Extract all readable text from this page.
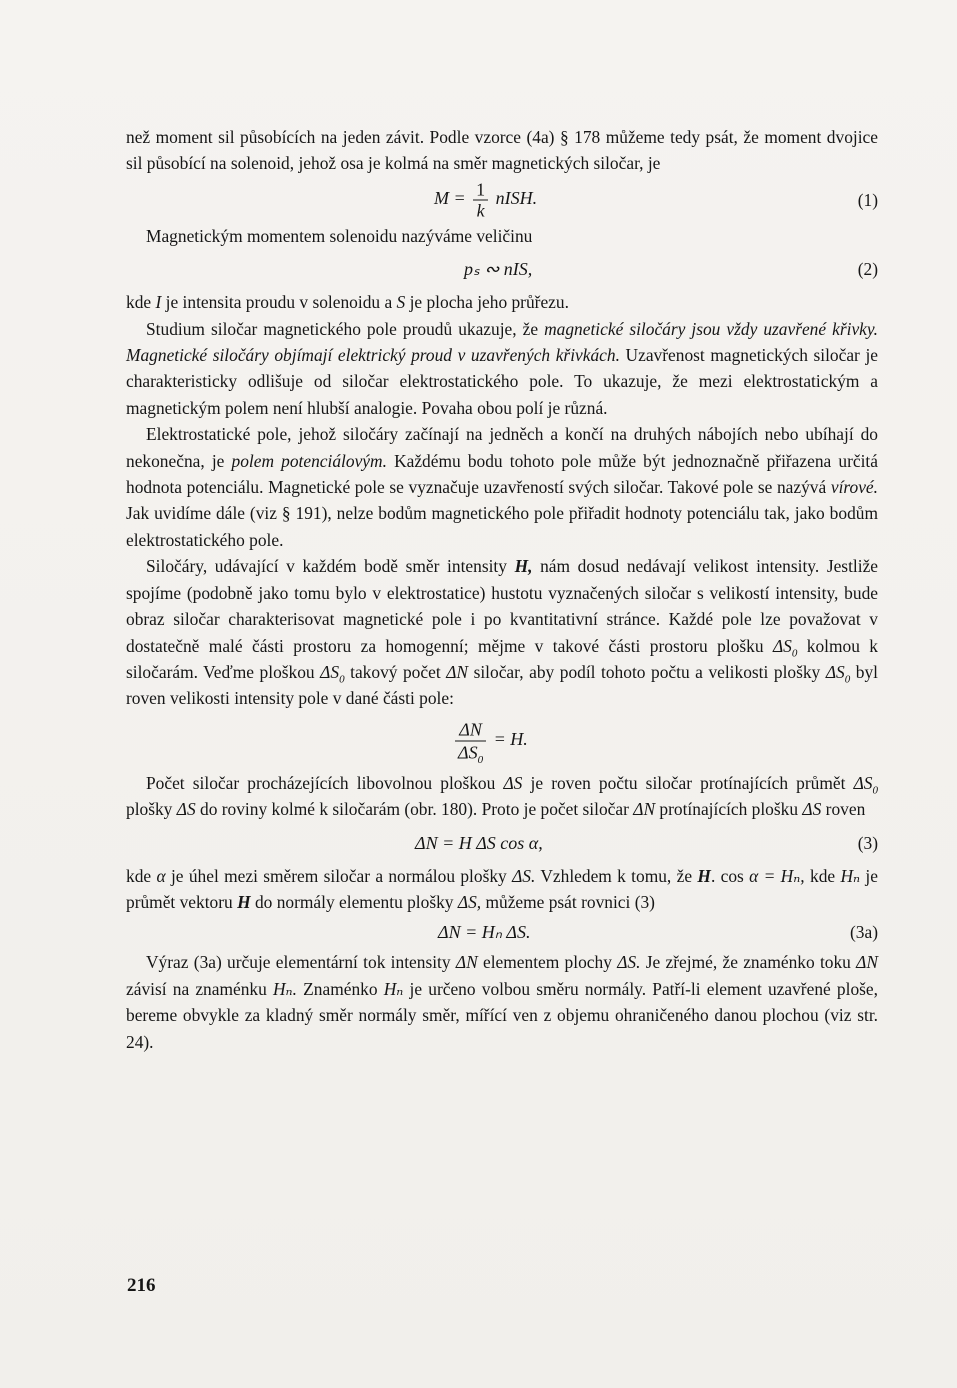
než moment sil působících na jeden závit. Podle vzorce (4a) § 178 můžeme tedy psát, že moment dvojice sil působící na solenoid, jehož osa je kolmá na směr magnetických siločar, je

$M = \frac{1}{k}$ nISH.	(1)

Magnetickým momentem solenoidu nazýváme veličinu

pₛ ∾ nIS,	(2)

kde I je intensita proudu v solenoidu a S je plocha jeho průřezu.

Studium siločar magnetického pole proudů ukazuje, že magnetické siločáry jsou vždy uzavřené křivky. Magnetické siločáry objímají elektrický proud v uzavřených křivkách. Uzavřenost magnetických siločar je charakteristicky odlišuje od siločar elektrostatického pole. To ukazuje, že mezi elektrostatickým a magnetickým polem není hlubší analogie. Povaha obou polí je různá.

Elektrostatické pole, jehož siločáry začínají na jedněch a končí na druhých nábojích nebo ubíhají do nekonečna, je polem potenciálovým. Každému bodu tohoto pole může být jednoznačně přiřazena určitá hodnota potenciálu. Magnetické pole se vyznačuje uzavřeností svých siločar. Takové pole se nazývá vírové. Jak uvidíme dále (viz § 191), nelze bodům magnetického pole přiřadit hodnoty potenciálu tak, jako bodům elektrostatického pole.

Siločáry, udávající v každém bodě směr intensity H, nám dosud nedávají velikost intensity. Jestliže spojíme (podobně jako tomu bylo v elektrostatice) hustotu vyznačených siločar s velikostí intensity, bude obraz siločar charakterisovat magnetické pole i po kvantitativní stránce. Každé pole lze považovat v dostatečně malé části prostoru za homogenní; mějme v takové části prostoru plošku $\Delta S_0$ kolmou k siločarám. Veďme ploškou $\Delta S_0$ takový počet ΔN siločar, aby podíl tohoto počtu a velikosti plošky $\Delta S_0$ byl roven velikosti intensity pole v dané části pole:

$\frac{\Delta N}{\Delta S_0} = H$.

Počet siločar procházejících libovolnou ploškou ΔS je roven počtu siločar protínajících průmět $\Delta S_0$ plošky ΔS do roviny kolmé k siločarám (obr. 180). Proto je počet siločar ΔN protínajících plošku ΔS roven

ΔN = H ΔS cos α,	(3)

kde α je úhel mezi směrem siločar a normálou plošky ΔS. Vzhledem k tomu, že H. cos α = Hₙ, kde Hₙ je průmět vektoru H do normály elementu plošky ΔS, můžeme psát rovnici (3)

ΔN = Hₙ ΔS.	(3a)

Výraz (3a) určuje elementární tok intensity ΔN elementem plochy ΔS. Je zřejmé, že znaménko toku ΔN závisí na znaménku Hₙ. Znaménko Hₙ je určeno volbou směru normály. Patří-li element uzavřené ploše, bereme obvykle za kladný směr normály směr, mířící ven z objemu ohraničeného danou plochou (viz str. 24).

216
